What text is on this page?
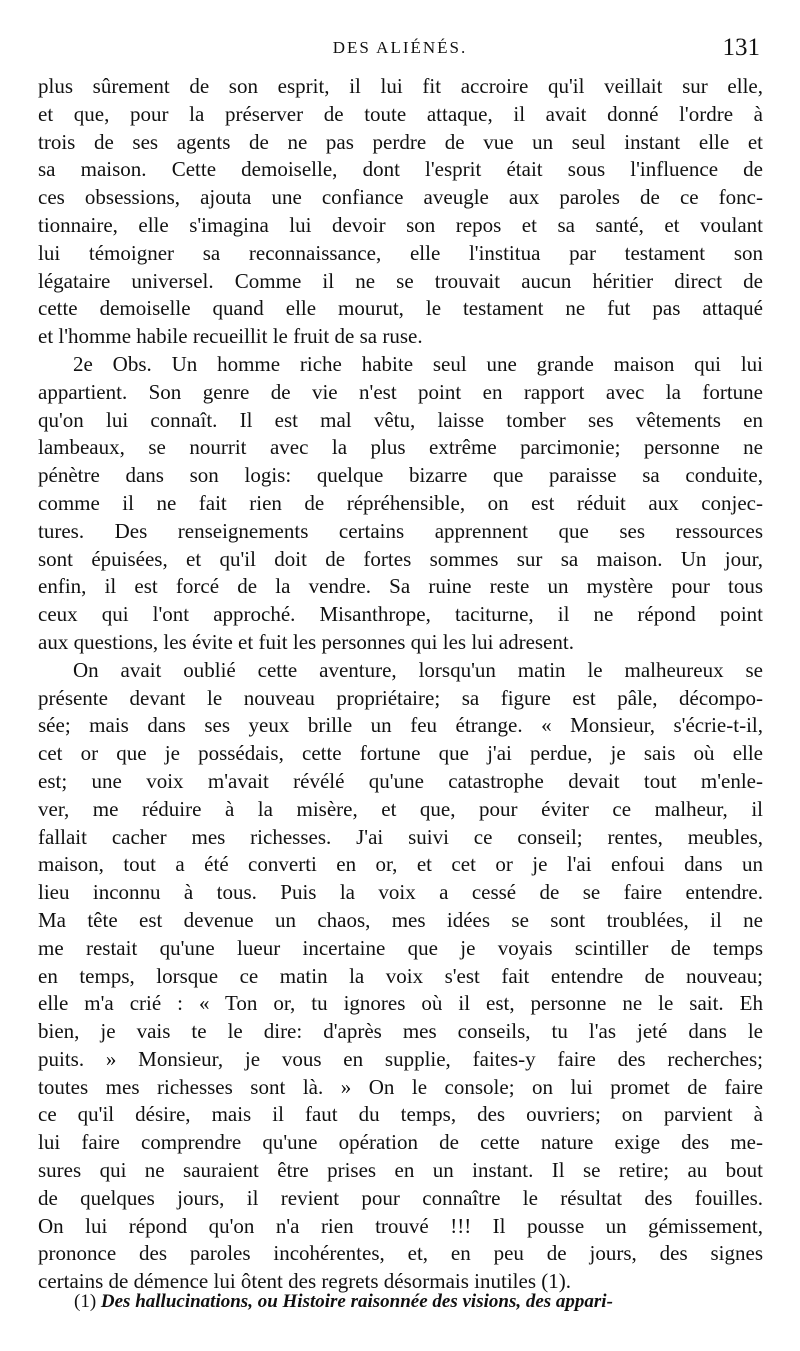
DES ALIÉNÉS.	131
plus sûrement de son esprit, il lui fit accroire qu'il veillait sur elle,
et que, pour la préserver de toute attaque, il avait donné l'ordre à
trois de ses agents de ne pas perdre de vue un seul instant elle et
sa maison. Cette demoiselle, dont l'esprit était sous l'influence de
ces obsessions, ajouta une confiance aveugle aux paroles de ce fonc-
tionnaire, elle s'imagina lui devoir son repos et sa santé, et voulant
lui témoigner sa reconnaissance, elle l'institua par testament son
légataire universel. Comme il ne se trouvait aucun héritier direct de
cette demoiselle quand elle mourut, le testament ne fut pas attaqué
et l'homme habile recueillit le fruit de sa ruse.
2e Obs. Un homme riche habite seul une grande maison qui lui
appartient. Son genre de vie n'est point en rapport avec la fortune
qu'on lui connaît. Il est mal vêtu, laisse tomber ses vêtements en
lambeaux, se nourrit avec la plus extrême parcimonie; personne ne
pénètre dans son logis: quelque bizarre que paraisse sa conduite,
comme il ne fait rien de répréhensible, on est réduit aux conjec-
tures. Des renseignements certains apprennent que ses ressources
sont épuisées, et qu'il doit de fortes sommes sur sa maison. Un jour,
enfin, il est forcé de la vendre. Sa ruine reste un mystère pour tous
ceux qui l'ont approché. Misanthrope, taciturne, il ne répond point
aux questions, les évite et fuit les personnes qui les lui adresent.
On avait oublié cette aventure, lorsqu'un matin le malheureux se
présente devant le nouveau propriétaire; sa figure est pâle, décompo-
sée; mais dans ses yeux brille un feu étrange. « Monsieur, s'écrie-t-il,
cet or que je possédais, cette fortune que j'ai perdue, je sais où elle
est; une voix m'avait révélé qu'une catastrophe devait tout m'enle-
ver, me réduire à la misère, et que, pour éviter ce malheur, il
fallait cacher mes richesses. J'ai suivi ce conseil; rentes, meubles,
maison, tout a été converti en or, et cet or je l'ai enfoui dans un
lieu inconnu à tous. Puis la voix a cessé de se faire entendre.
Ma tête est devenue un chaos, mes idées se sont troublées, il ne
me restait qu'une lueur incertaine que je voyais scintiller de temps
en temps, lorsque ce matin la voix s'est fait entendre de nouveau;
elle m'a crié : « Ton or, tu ignores où il est, personne ne le sait. Eh
bien, je vais te le dire: d'après mes conseils, tu l'as jeté dans le
puits. » Monsieur, je vous en supplie, faites-y faire des recherches;
toutes mes richesses sont là. » On le console; on lui promet de faire
ce qu'il désire, mais il faut du temps, des ouvriers; on parvient à
lui faire comprendre qu'une opération de cette nature exige des me-
sures qui ne sauraient être prises en un instant. Il se retire; au bout
de quelques jours, il revient pour connaître le résultat des fouilles.
On lui répond qu'on n'a rien trouvé !!! Il pousse un gémissement,
prononce des paroles incohérentes, et, en peu de jours, des signes
certains de démence lui ôtent des regrets désormais inutiles (1).
(1) Des hallucinations, ou Histoire raisonnée des visions, des appari-
